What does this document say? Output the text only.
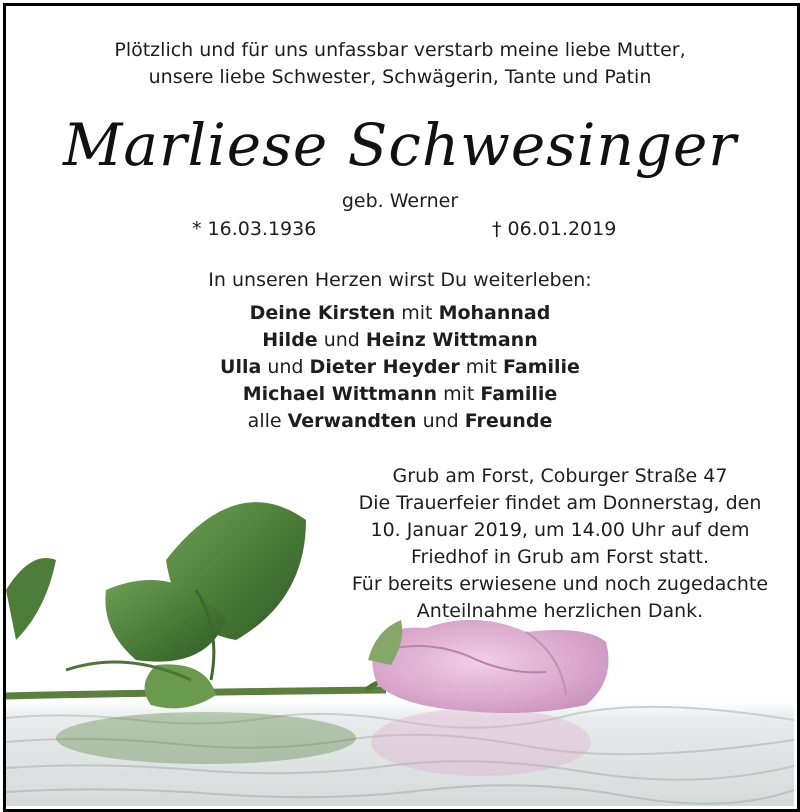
Plötzlich und für uns unfassbar verstarb meine liebe Mutter,
unsere liebe Schwester, Schwägerin, Tante und Patin
Marliese Schwesinger
geb. Werner
* 16.03.1936	† 06.01.2019
In unseren Herzen wirst Du weiterleben:
Deine Kirsten mit Mohannad
Hilde und Heinz Wittmann
Ulla und Dieter Heyder mit Familie
Michael Wittmann mit Familie
alle Verwandten und Freunde
Grub am Forst, Coburger Straße 47
Die Trauerfeier findet am Donnerstag, den
10. Januar 2019, um 14.00 Uhr auf dem
Friedhof in Grub am Forst statt.
Für bereits erwiesene und noch zugedachte
Anteilnahme herzlichen Dank.
